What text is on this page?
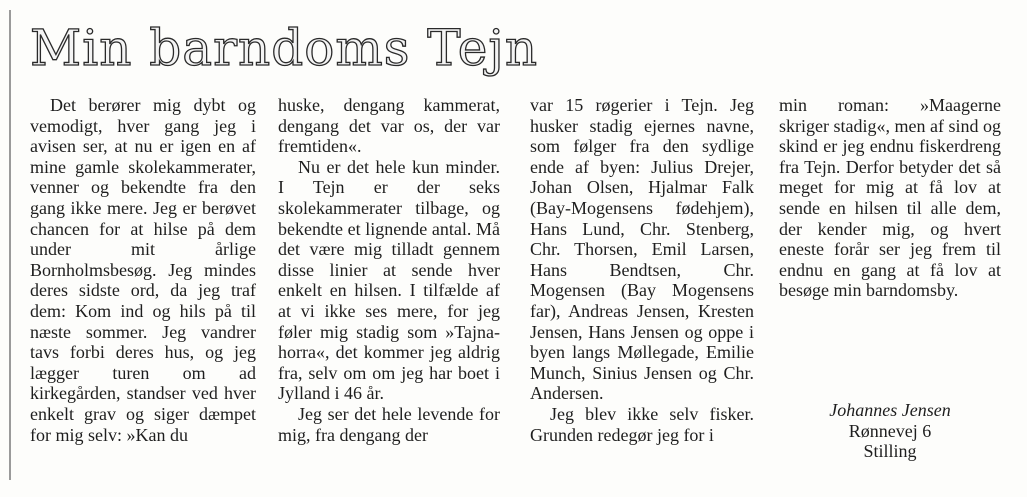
Min barndoms Tejn

Det berører mig dybt og vemodigt, hver gang jeg i avisen ser, at nu er igen en af mine gamle skolekammerater, venner og bekendte fra den gang ikke mere. Jeg er berøvet chancen for at hilse på dem under mit årlige Bornholmsbesøg. Jeg mindes deres sidste ord, da jeg traf dem: Kom ind og hils på til næste sommer. Jeg vandrer tavs forbi deres hus, og jeg lægger turen om ad kirkegården, standser ved hver enkelt grav og siger dæmpet for mig selv: »Kan du

huske, dengang kammerat, dengang det var os, der var fremtiden«.

Nu er det hele kun minder. I Tejn er der seks skolekammerater tilbage, og bekendte et lignende antal. Må det være mig tilladt gennem disse linier at sende hver enkelt en hilsen. I tilfælde af at vi ikke ses mere, for jeg føler mig stadig som »Tajna-horra«, det kommer jeg aldrig fra, selv om om jeg har boet i Jylland i 46 år.

Jeg ser det hele levende for mig, fra dengang der

var 15 røgerier i Tejn. Jeg husker stadig ejernes navne, som følger fra den sydlige ende af byen: Julius Drejer, Johan Olsen, Hjalmar Falk (Bay-Mogensens fødehjem), Hans Lund, Chr. Stenberg, Chr. Thorsen, Emil Larsen, Hans Bendtsen, Chr. Mogensen (Bay Mogensens far), Andreas Jensen, Kresten Jensen, Hans Jensen og oppe i byen langs Møllegade, Emilie Munch, Sinius Jensen og Chr. Andersen.

Jeg blev ikke selv fisker. Grunden redegør jeg for i

min roman: »Maagerne skriger stadig«, men af sind og skind er jeg endnu fiskerdreng fra Tejn. Derfor betyder det så meget for mig at få lov at sende en hilsen til alle dem, der kender mig, og hvert eneste forår ser jeg frem til endnu en gang at få lov at besøge min barndomsby.

Johannes Jensen
Rønnevej 6
Stilling
